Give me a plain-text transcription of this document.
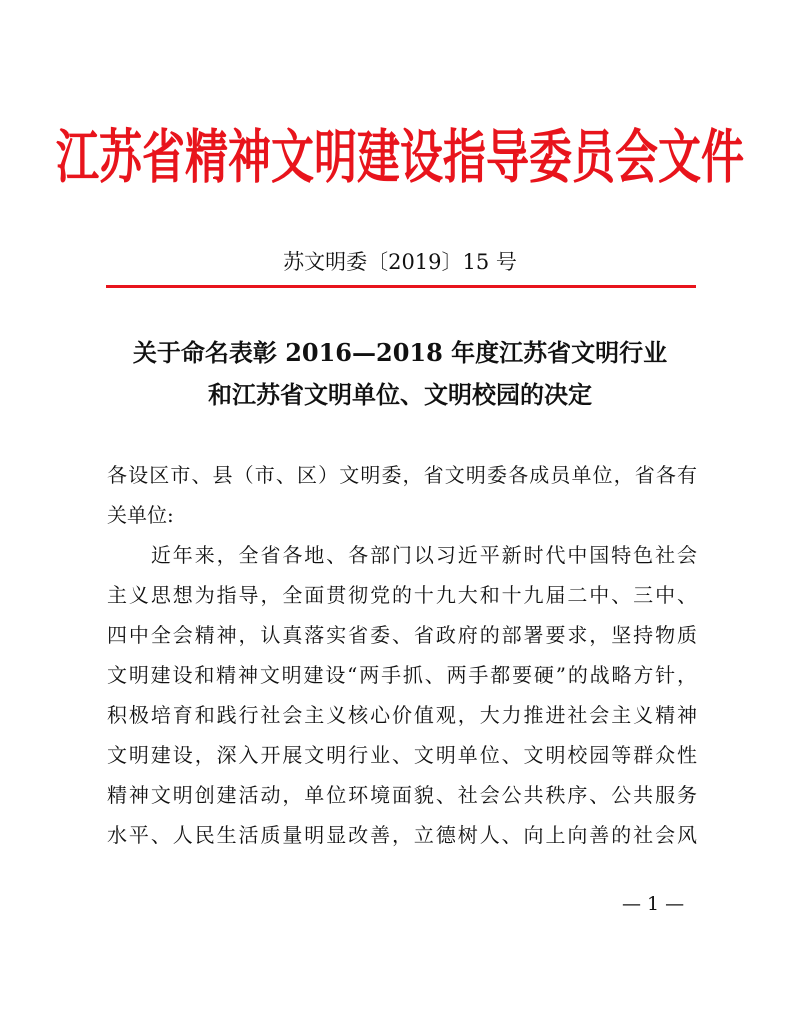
江苏省精神文明建设指导委员会文件
苏文明委〔2019〕15 号
关于命名表彰 2016—2018 年度江苏省文明行业
和江苏省文明单位、文明校园的决定
各设区市、县（市、区）文明委，省文明委各成员单位，省各有
关单位:
　　近年来，全省各地、各部门以习近平新时代中国特色社会
主义思想为指导，全面贯彻党的十九大和十九届二中、三中、
四中全会精神，认真落实省委、省政府的部署要求，坚持物质
文明建设和精神文明建设“两手抓、两手都要硬”的战略方针，
积极培育和践行社会主义核心价值观，大力推进社会主义精神
文明建设，深入开展文明行业、文明单位、文明校园等群众性
精神文明创建活动，单位环境面貌、社会公共秩序、公共服务
水平、人民生活质量明显改善，立德树人、向上向善的社会风
— 1 —
